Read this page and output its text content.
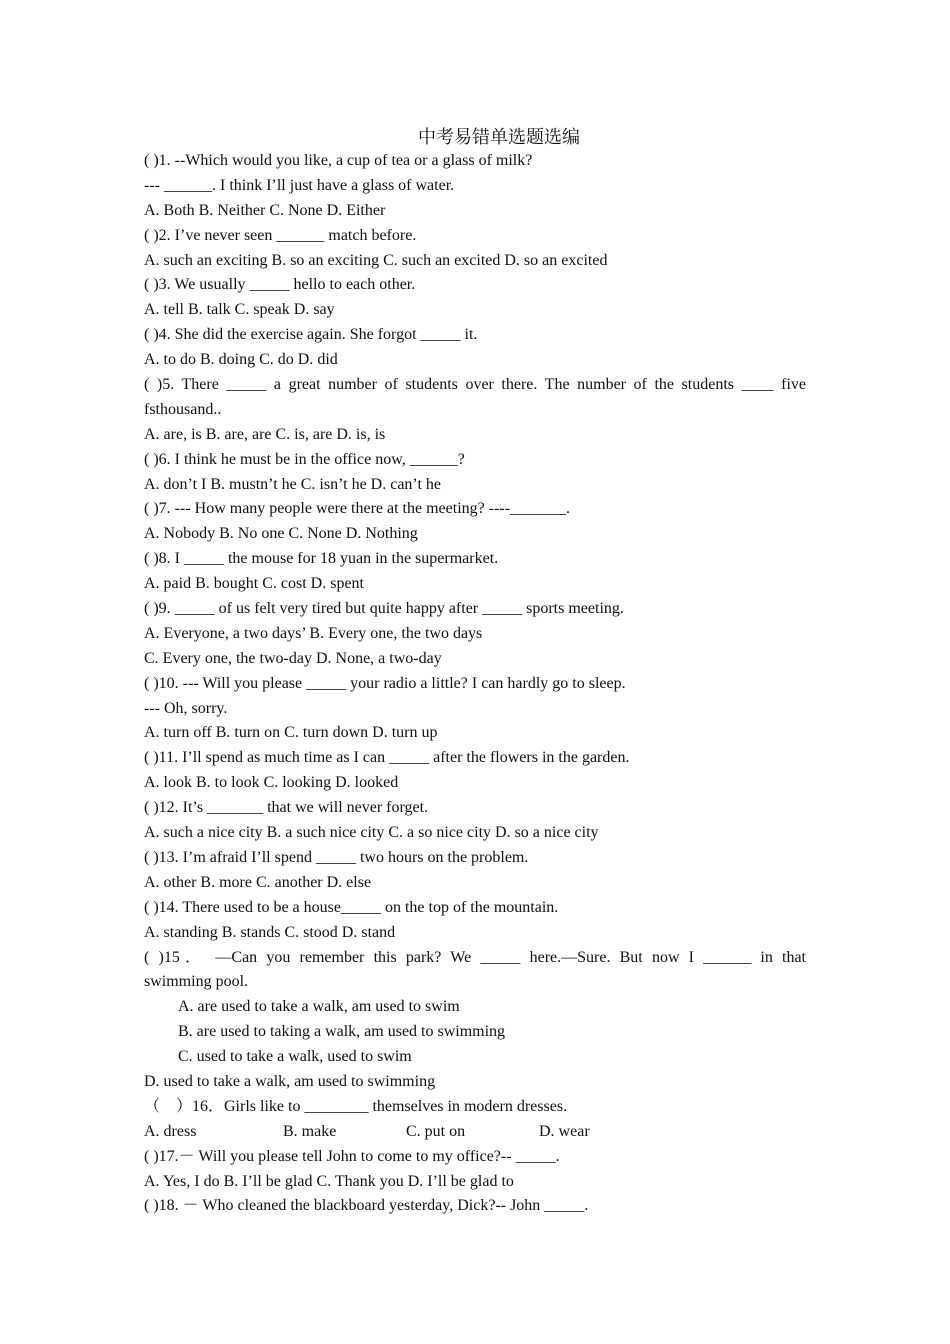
中考易错单选题选编
( )1. --Which would you like, a cup of tea or a glass of milk?
--- ______. I think I’ll just have a glass of water.
A. Both B. Neither C. None D. Either
( )2. I’ve never seen ______ match before.
A. such an exciting B. so an exciting C. such an excited D. so an excited
( )3. We usually _____ hello to each other.
A. tell B. talk C. speak D. say
( )4. She did the exercise again. She forgot _____ it.
A. to do B. doing C. do D. did
( )5. There _____ a great number of students over there. The number of the students ____ five
fsthousand..
A. are, is B. are, are C. is, are D. is, is
( )6. I think he must be in the office now, ______?
A. don’t I B. mustn’t he C. isn’t he D. can’t he
( )7. --- How many people were there at the meeting? ----_______.
A. Nobody B. No one C. None D. Nothing
( )8. I _____ the mouse for 18 yuan in the supermarket.
A. paid B. bought C. cost D. spent
( )9. _____ of us felt very tired but quite happy after _____ sports meeting.
A. Everyone, a two days’ B. Every one, the two days
C. Every one, the two-day D. None, a two-day
( )10. --- Will you please _____ your radio a little? I can hardly go to sleep.
--- Oh, sorry.
A. turn off B. turn on C. turn down D. turn up
( )11. I’ll spend as much time as I can _____ after the flowers in the garden.
A. look B. to look C. looking D. looked
( )12. It’s _______ that we will never forget.
A. such a nice city B. a such nice city C. a so nice city D. so a nice city
( )13. I’m afraid I’ll spend _____ two hours on the problem.
A. other B. more C. another D. else
( )14. There used to be a house_____ on the top of the mountain.
A. standing B. stands C. stood D. stand
( )15． —Can you remember this park? We _____ here.—Sure. But now I ______ in that
swimming pool.
A. are used to take a walk, am used to swim
B. are used to taking a walk, am used to swimming
C. used to take a walk, used to swim
D. used to take a walk, am used to swimming
（    ）16．Girls like to ________ themselves in modern dresses.
A. dress	B. make	C. put on	D. wear
( )17.－ Will you please tell John to come to my office?-- _____.
A. Yes, I do B. I’ll be glad C. Thank you D. I’ll be glad to
( )18. － Who cleaned the blackboard yesterday, Dick?-- John _____.
